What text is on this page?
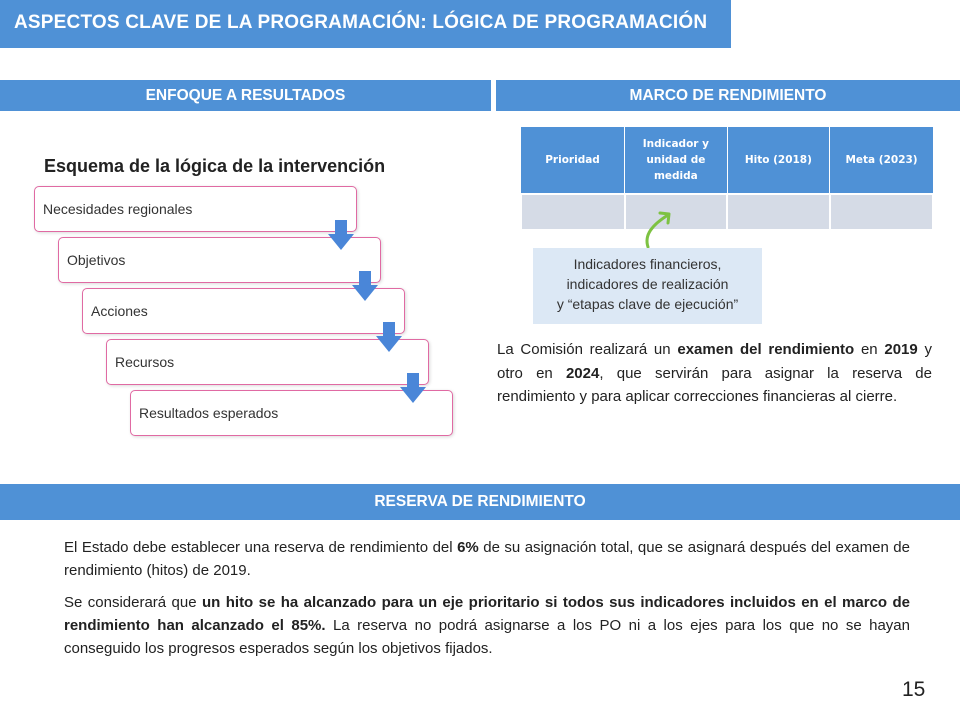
ASPECTOS CLAVE DE LA PROGRAMACIÓN: LÓGICA DE PROGRAMACIÓN
ENFOQUE A RESULTADOS
Esquema de la lógica de la intervención
Necesidades regionales
Objetivos
Acciones
Recursos
Resultados esperados
MARCO DE RENDIMIENTO
Prioridad	Indicador y unidad de medida	Hito (2018)	Meta (2023)

Indicadores financieros,
indicadores de realización
y “etapas clave de ejecución”
La Comisión realizará un examen del rendimiento en 2019 y otro en 2024, que servirán para asignar la reserva de rendimiento y para aplicar correcciones financieras al cierre.
RESERVA DE RENDIMIENTO
El Estado debe establecer una reserva de rendimiento del 6% de su asignación total, que se asignará después del examen de rendimiento (hitos) de 2019.
Se considerará que un hito se ha alcanzado para un eje prioritario si todos sus indicadores incluidos en el marco de rendimiento han alcanzado el 85%. La reserva no podrá asignarse a los PO ni a los ejes para los que no se hayan conseguido los progresos esperados según los objetivos fijados.
15
